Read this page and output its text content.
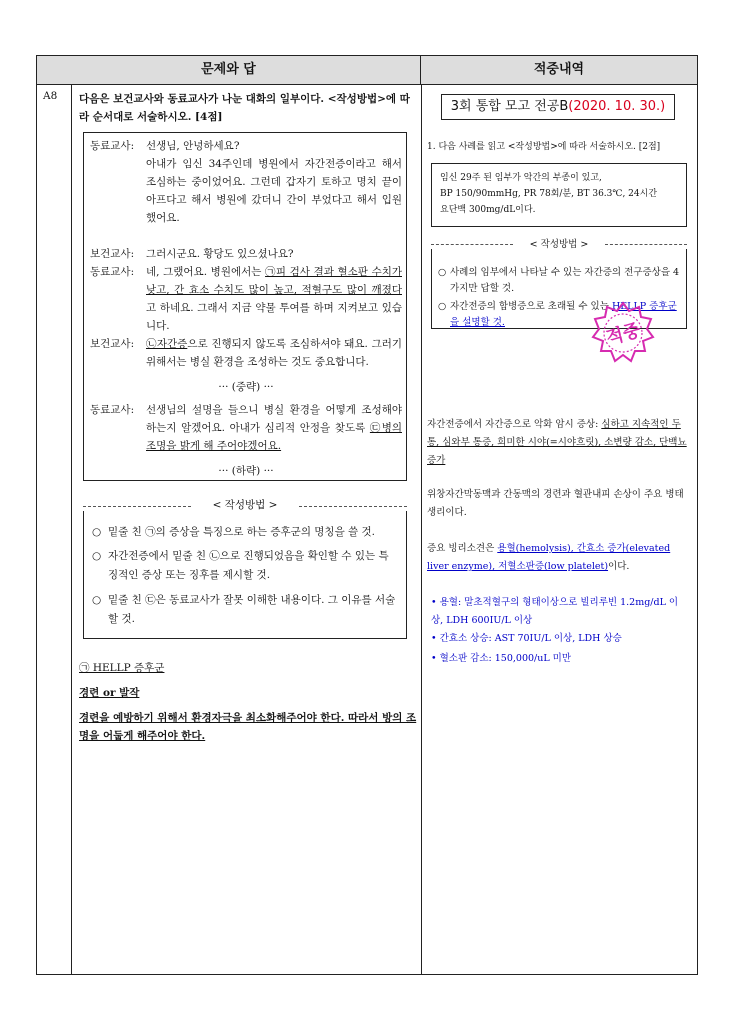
문제와 답	적중내역
A8 다음은 보건교사와 동료교사가 나눈 대화의 일부이다. <작성방법>에 따라 순서대로 서술하시오. [4점]

동료교사:	선생님, 안녕하세요?

아내가 임신 34주인데 병원에서 자간전증이라고 해서 조심하는 중이었어요. 그런데 갑자기 토하고 명치 끝이 아프다고 해서 병원에 갔더니 간이 부었다고 해서 입원했어요.

보건교사:	그러시군요. 황당도 있으셨나요?

동료교사:	네, 그랬어요. 병원에서는 ㉠피 검사 결과 혈소판 수치가 낮고, 간 효소 수치도 많이 높고, 적혈구도 많이 깨졌다고 하네요. 그래서 지금 약물 투여를 하며 지켜보고 있습니다.

보건교사:	㉡자간증으로 진행되지 않도록 조심하셔야 돼요. 그러기 위해서는 병실 환경을 조성하는 것도 중요합니다.

··· (중략) ···
동료교사:	선생님의 설명을 들으니 병실 환경을 어떻게 조성해야 하는지 알겠어요. 아내가 심리적 안정을 찾도록 ㉢병의 조명을 밝게 해 주어야겠어요.

··· (하략) ···
< 작성방법 >
○ 밑줄 친 ㉠의 증상을 특징으로 하는 증후군의 명칭을 쓸 것.
○ 자간전증에서 밑줄 친 ㉡으로 진행되었음을 확인할 수 있는 특징적인 증상 또는 징후를 제시할 것.
○ 밑줄 친 ㉢은 동료교사가 잘못 이해한 내용이다. 그 이유를 서술할 것.
㉠ HELLP 증후군
경련 or 발작
경련을 예방하기 위해서 환경자극을 최소화해주어야 한다. 따라서 방의 조명을 어둡게 해주어야 한다.
3회 통합 모고 전공B(2020. 10. 30.)
1. 다음 사례를 읽고 <작성방법>에 따라 서술하시오. [2점]

임신 29주 된 임부가 악간의 부종이 있고,

BP 150/90mmHg, PR 78회/분, BT 36.3℃, 24시간

요단백 300mg/dL이다.

< 작성방법 >
○ 사례의 임부에서 나타날 수 있는 자간증의 전구증상을 4가지만 답할 것.
○ 자간전증의 합병증으로 초래될 수 있는 HELLP 증후군을 설명할 것.	적중

자간전증에서 자간증으로 악화 암시 증상: 심하고 지속적인 두통, 심와부 통증, 희미한 시야(=시야흐릿), 소변량 감소, 단백뇨 증가

위창자간막동맥과 간동맥의 경련과 혈관내피 손상이 주요 병태생리이다.

증요 빙리소견은 용혈(hemolysis), 간효소 증가(elevated liver enzyme), 저혈소판증(low platelet)이다.

• 용혈: 말초적혈구의 형태이상으로 빌리루빈 1.2mg/dL 이상, LDH 600IU/L 이상

• 간효소 상승: AST 70IU/L 이상, LDH 상승

• 혈소판 감소: 150,000/uL 미만
